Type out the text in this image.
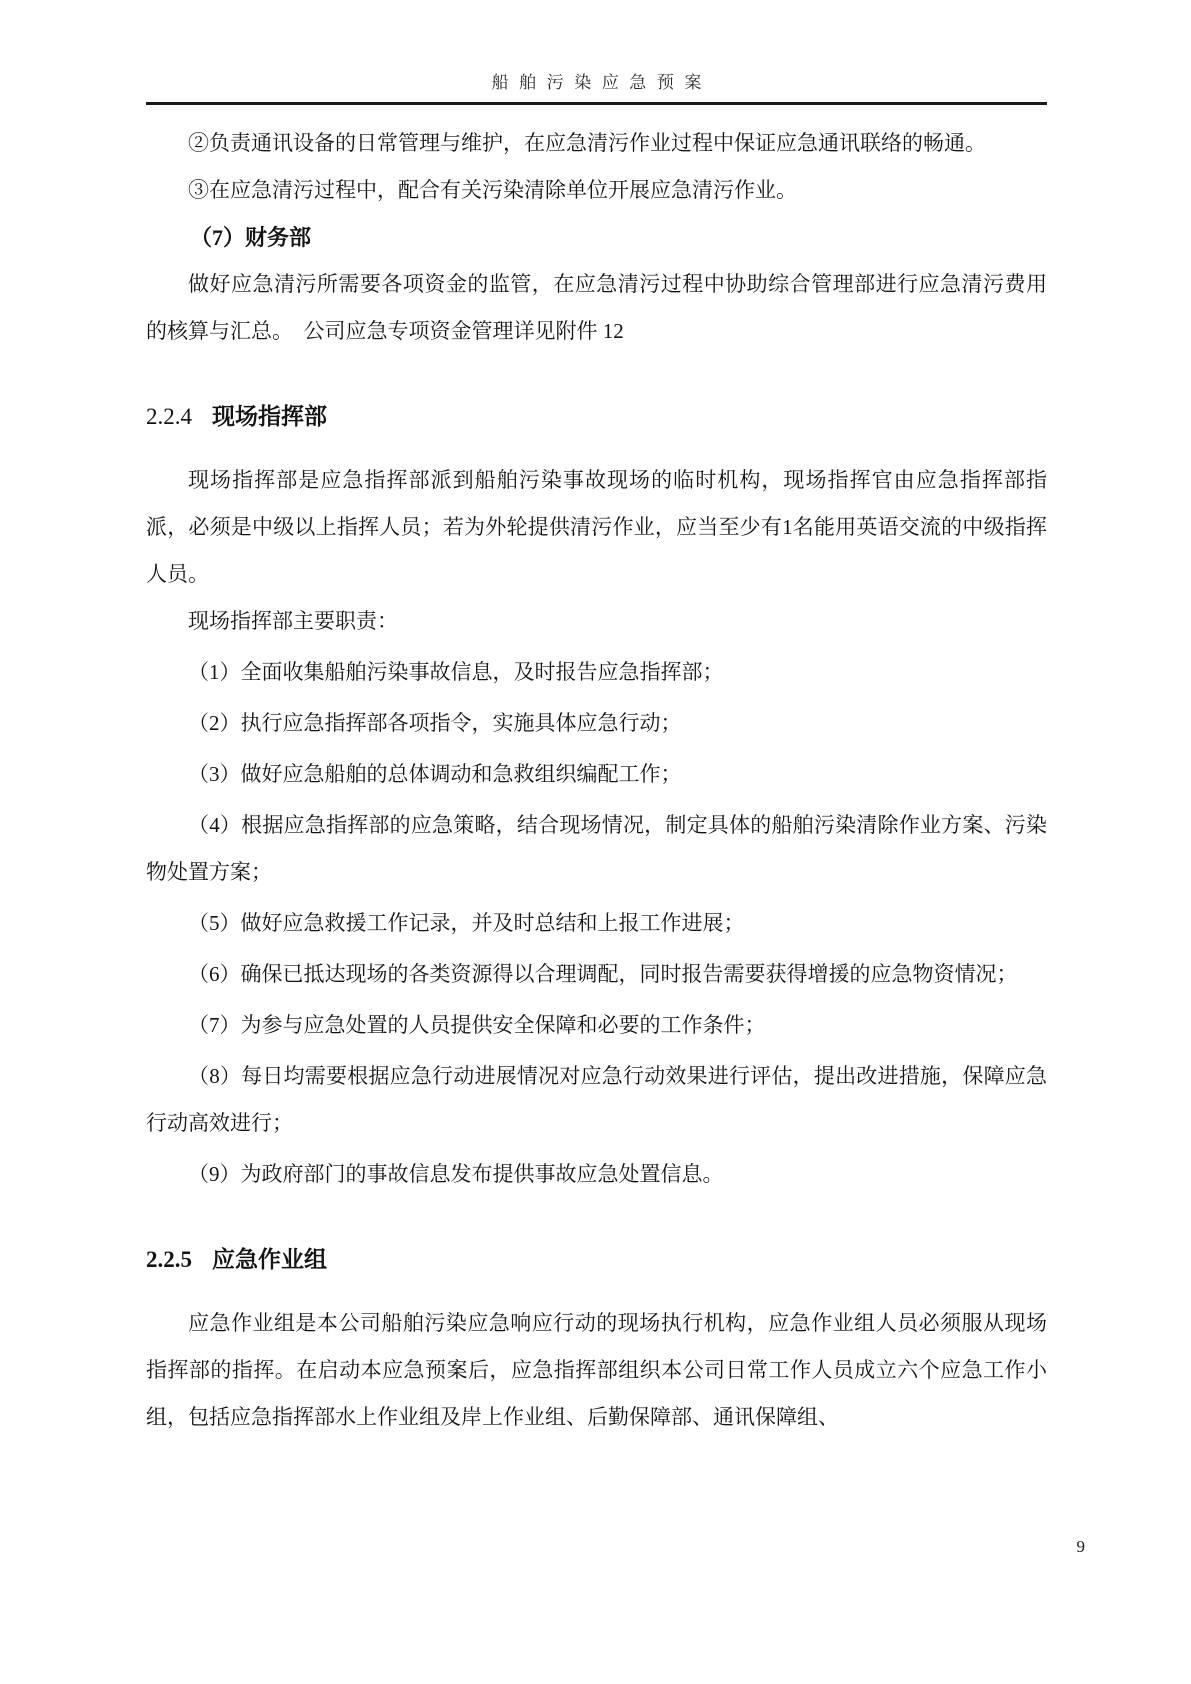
船舶污染应急预案

②负责通讯设备的日常管理与维护，在应急清污作业过程中保证应急通讯联络的畅通。

③在应急清污过程中，配合有关污染清除单位开展应急清污作业。

（7）财务部

做好应急清污所需要各项资金的监管，在应急清污过程中协助综合管理部进行应急清污费用的核算与汇总。　公司应急专项资金管理详见附件 12

2.2.4 现场指挥部

现场指挥部是应急指挥部派到船舶污染事故现场的临时机构，现场指挥官由应急指挥部指派，必须是中级以上指挥人员；若为外轮提供清污作业，应当至少有1名能用英语交流的中级指挥人员。

现场指挥部主要职责：

（1）全面收集船舶污染事故信息，及时报告应急指挥部；

（2）执行应急指挥部各项指令，实施具体应急行动；

（3）做好应急船舶的总体调动和急救组织编配工作；

（4）根据应急指挥部的应急策略，结合现场情况，制定具体的船舶污染清除作业方案、污染物处置方案；

（5）做好应急救援工作记录，并及时总结和上报工作进展；

（6）确保已抵达现场的各类资源得以合理调配，同时报告需要获得增援的应急物资情况；

（7）为参与应急处置的人员提供安全保障和必要的工作条件；

（8）每日均需要根据应急行动进展情况对应急行动效果进行评估，提出改进措施，保障应急行动高效进行；

（9）为政府部门的事故信息发布提供事故应急处置信息。

2.2.5 应急作业组

应急作业组是本公司船舶污染应急响应行动的现场执行机构，应急作业组人员必须服从现场指挥部的指挥。在启动本应急预案后，应急指挥部组织本公司日常工作人员成立六个应急工作小组，包括应急指挥部水上作业组及岸上作业组、后勤保障部、通讯保障组、

9
